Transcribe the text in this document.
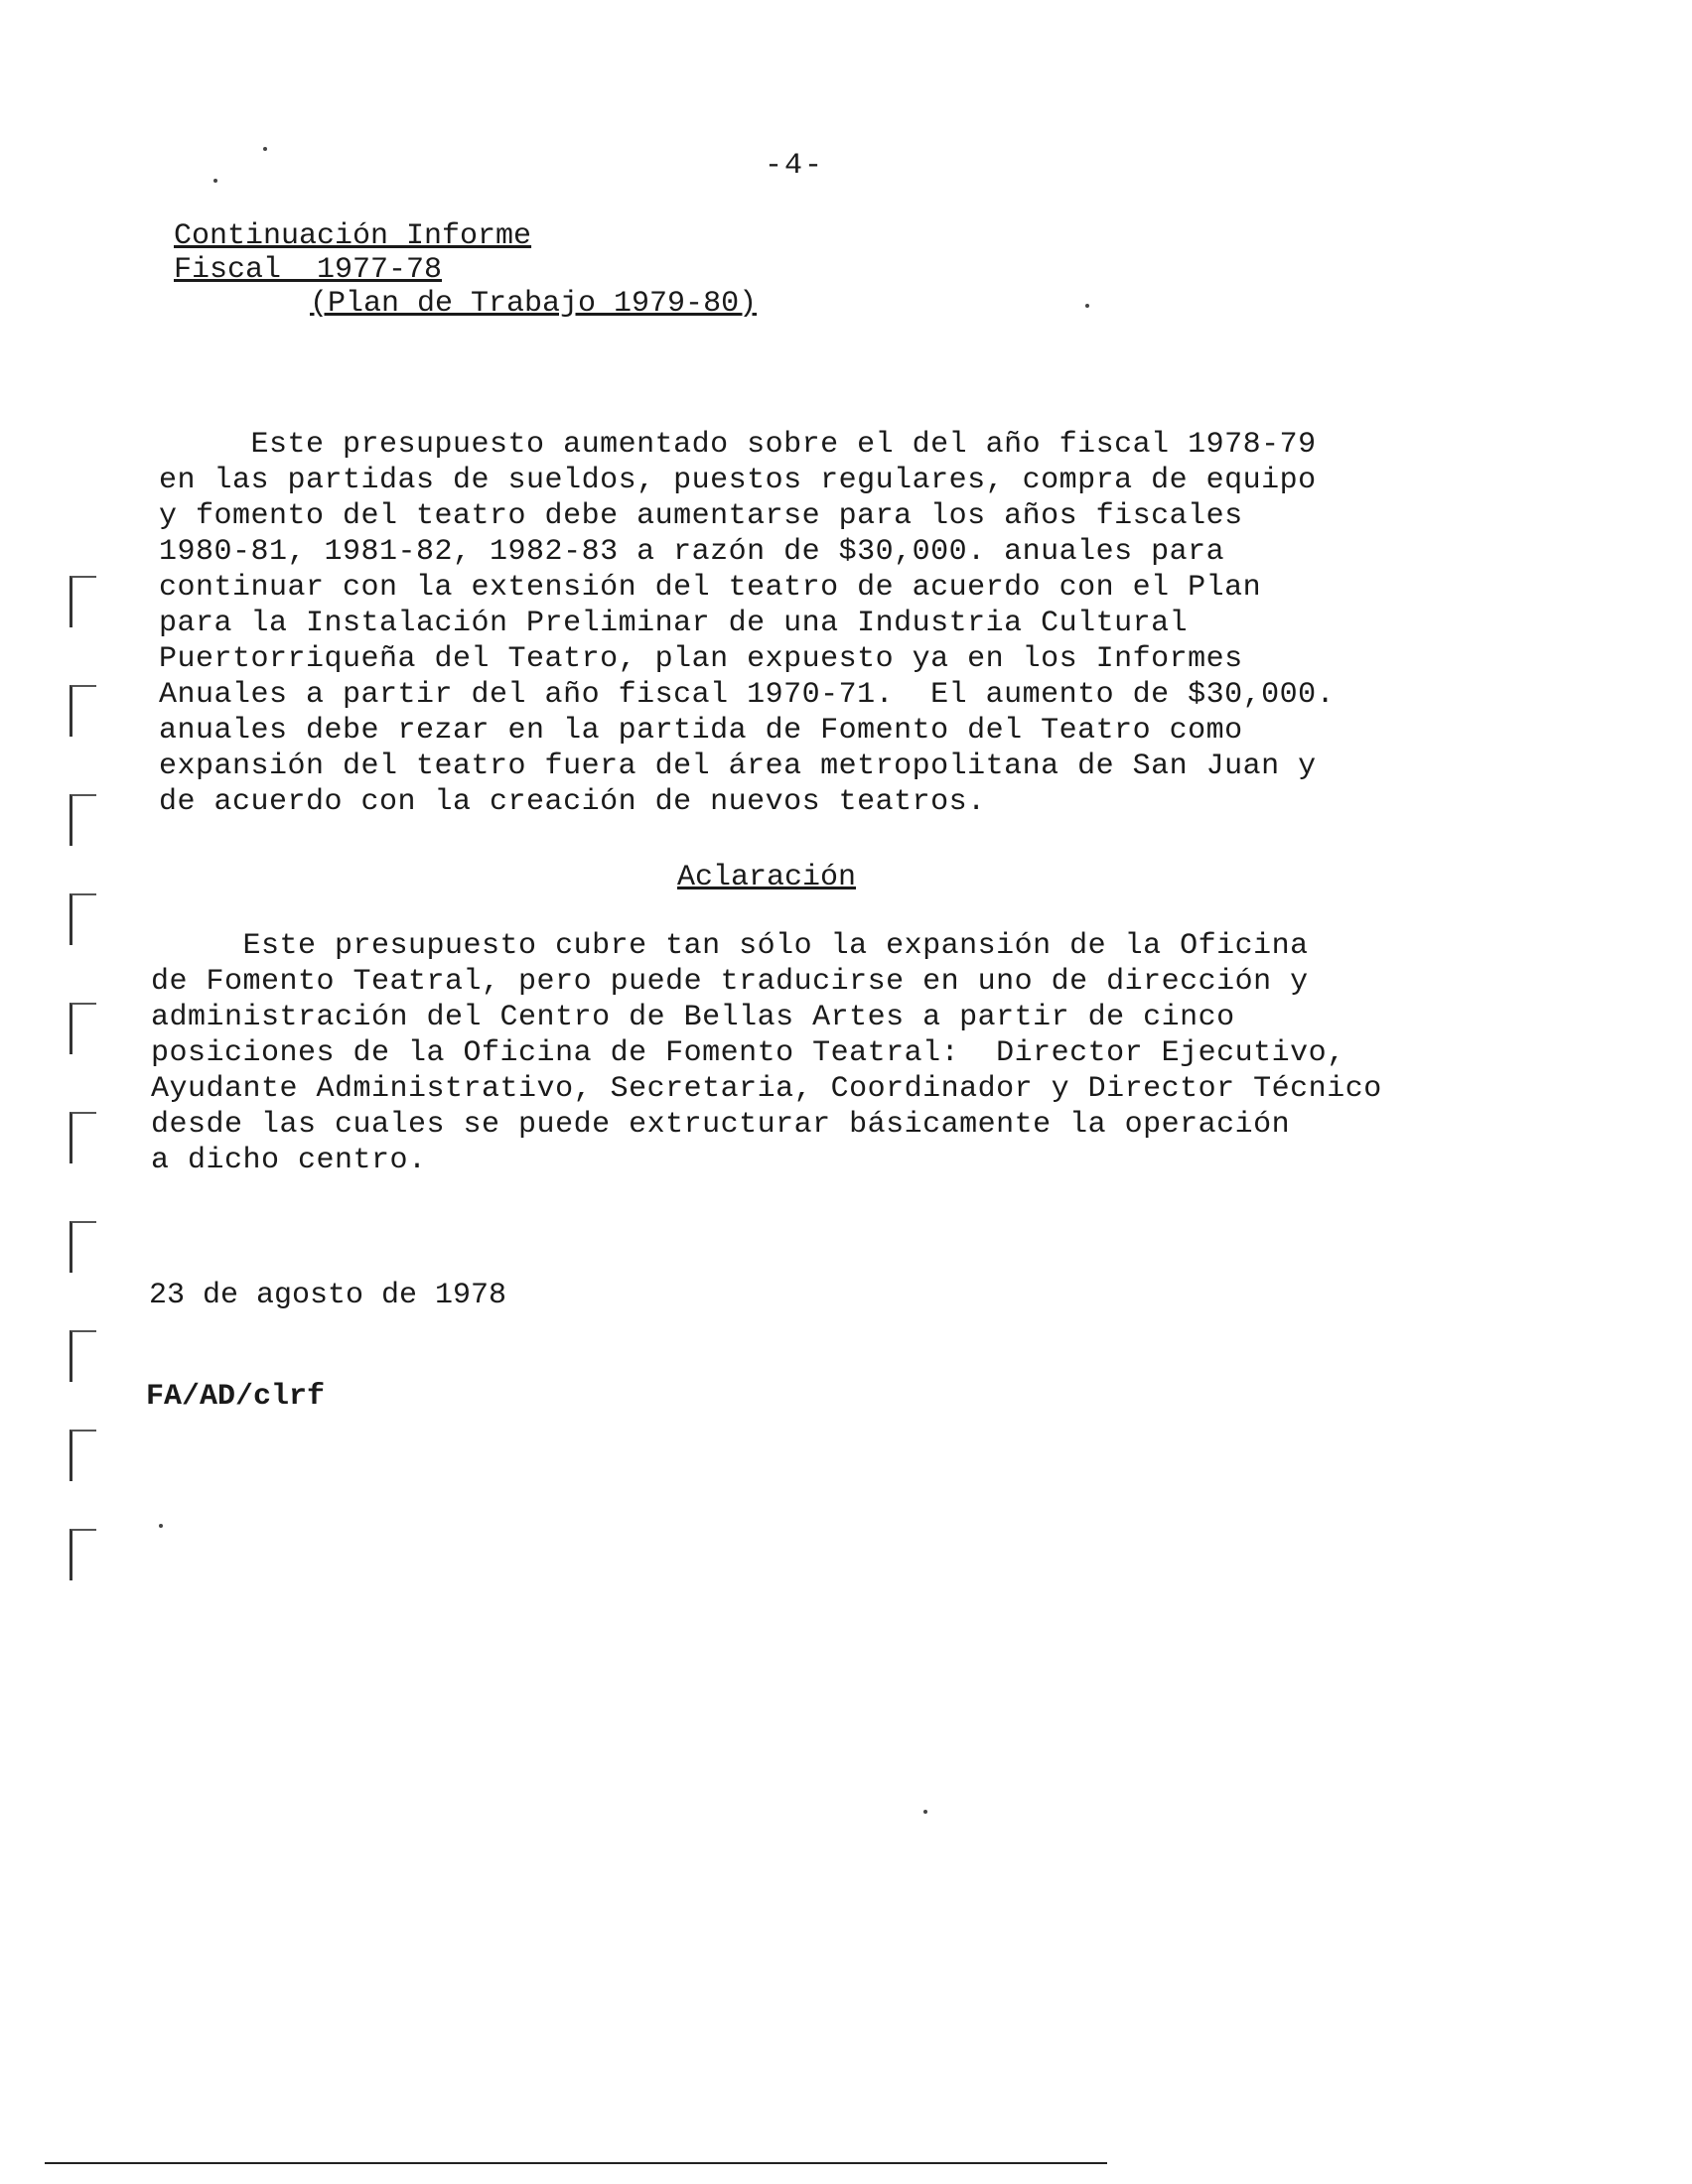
-4-
Continuación Informe
Fiscal  1977-78
(Plan de Trabajo 1979-80)

Este presupuesto aumentado sobre el del año fiscal 1978-79
en las partidas de sueldos, puestos regulares, compra de equipo
y fomento del teatro debe aumentarse para los años fiscales
1980-81, 1981-82, 1982-83 a razón de $30,000. anuales para
continuar con la extensión del teatro de acuerdo con el Plan
para la Instalación Preliminar de una Industria Cultural
Puertorriqueña del Teatro, plan expuesto ya en los Informes
Anuales a partir del año fiscal 1970-71.  El aumento de $30,000.
anuales debe rezar en la partida de Fomento del Teatro como
expansión del teatro fuera del área metropolitana de San Juan y
de acuerdo con la creación de nuevos teatros.

Aclaración

Este presupuesto cubre tan sólo la expansión de la Oficina
de Fomento Teatral, pero puede traducirse en uno de dirección y
administración del Centro de Bellas Artes a partir de cinco
posiciones de la Oficina de Fomento Teatral:  Director Ejecutivo,
Ayudante Administrativo, Secretaria, Coordinador y Director Técnico
desde las cuales se puede extructurar básicamente la operación
a dicho centro.

23 de agosto de 1978
FA/AD/clrf
